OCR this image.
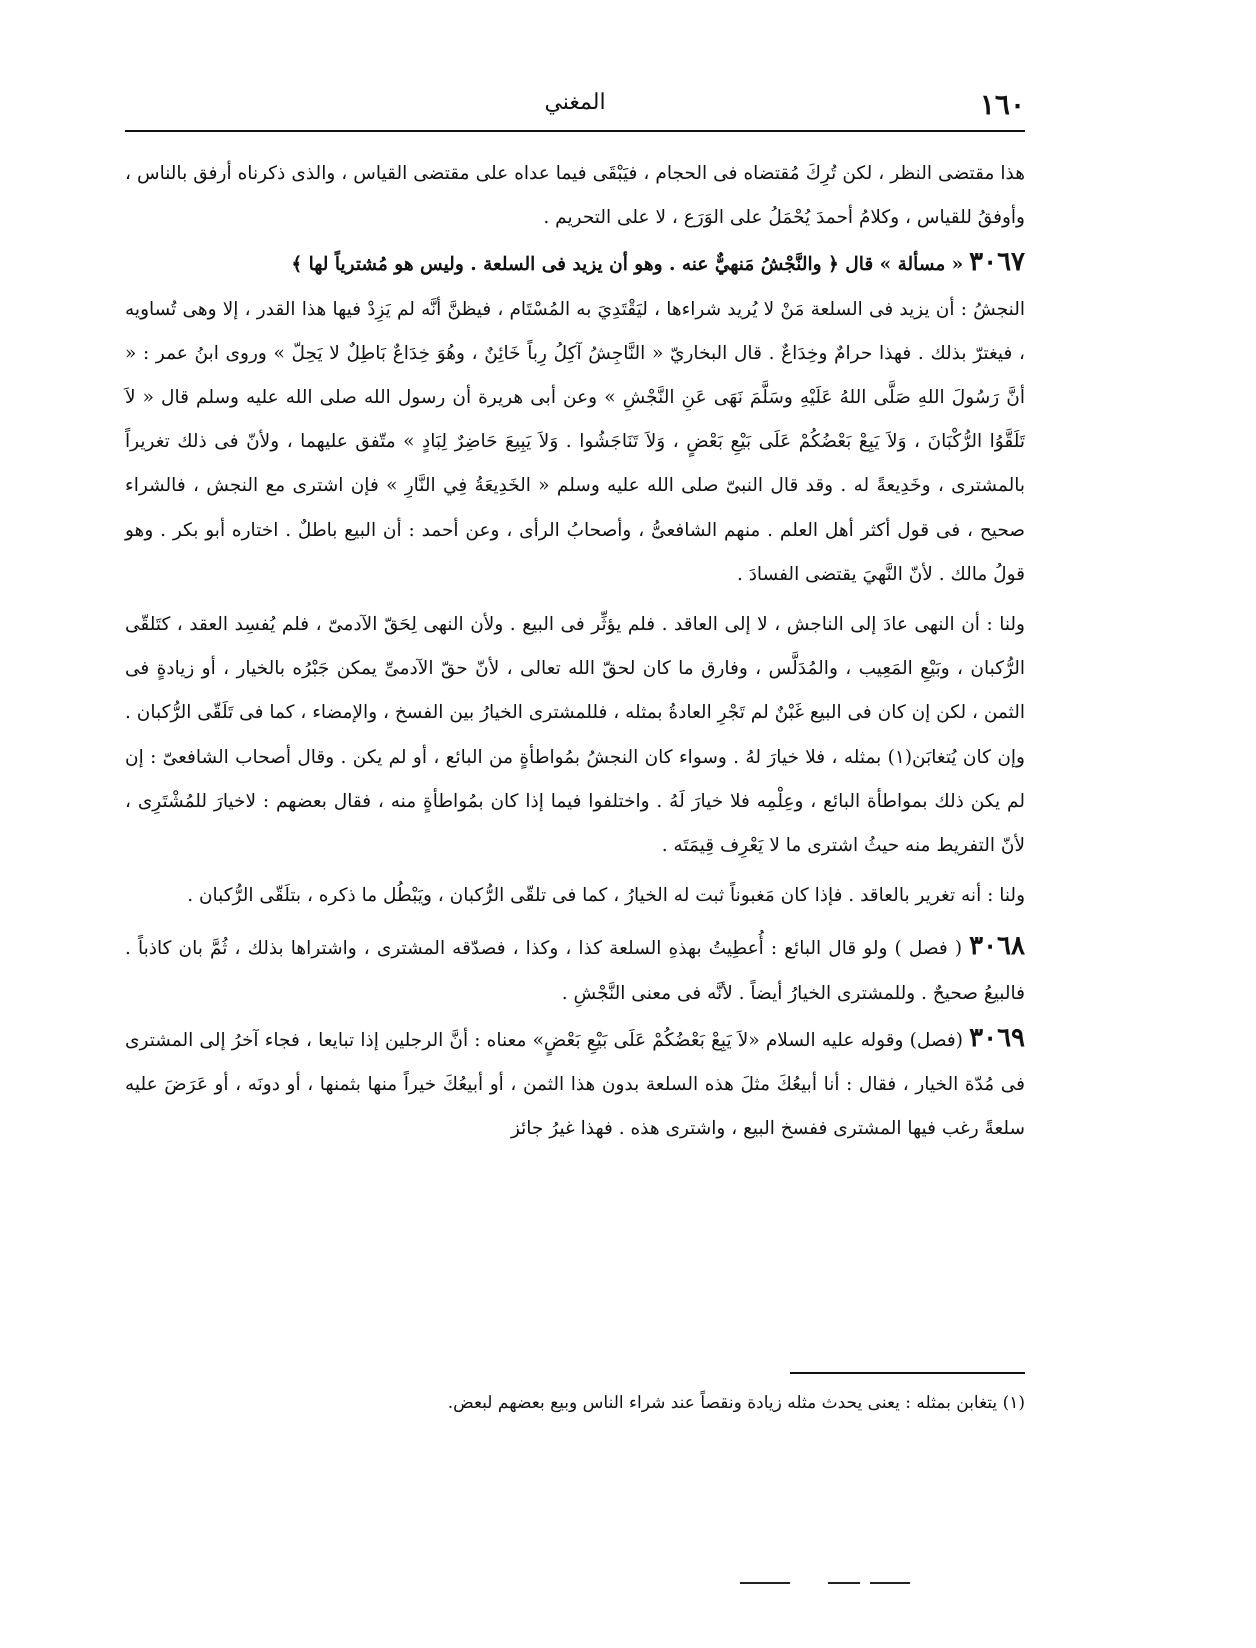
١٦٠
المغني

هذا مقتضى النظر ، لكن تُرِكَ مُقتضاه فى الحجام ، فيَبْقَى فيما عداه على مقتضى القياس ، والذى ذكرناه أرفق بالناس ، وأوفقُ للقياس ، وكلامُ أحمدَ يُحْمَلُ على الوَرَع ، لا على التحريم .

٣٠٦٧ « مسألة » قال ﴿ والنَّجْشُ مَنهيٌّ عنه . وهو أن يزيد فى السلعة . وليس هو مُشترياً لها ﴾

النجشُ : أن يزيد فى السلعة مَنْ لا يُريد شراءها ، ليَقْتَدِيَ به المُسْتَام ، فيظنَّ أنَّه لم يَزِدْ فيها هذا القدر ، إلا وهى تُساويه ، فيغترّ بذلك . فهذا حرامٌ وخِدَاعٌ . قال البخاريّ « النَّاجِشُ آكِلُ رِباً خَائِنٌ ، وهُوَ خِدَاعٌ بَاطِلٌ لا يَحِلّ » وروى ابنُ عمر : « أنَّ رَسُولَ اللهِ صَلَّى اللهُ عَلَيْهِ وسَلَّمَ نَهَى عَنِ النَّجْشِ » وعن أبى هريرة أن رسول الله صلى الله عليه وسلم قال « لاَ تَلَقَّوُا الرُّكْبَانَ ، وَلاَ يَبِعْ بَعْضُكُمْ عَلَى بَيْعِ بَعْضٍ ، وَلاَ تَنَاجَشُوا . وَلاَ يَبِيعَ حَاضِرٌ لِبَادٍ » متّفق عليهما ، ولأنّ فى ذلك تغريراً بالمشترى ، وخَدِيعةً له . وقد قال النبىّ صلى الله عليه وسلم « الخَدِيعَةُ فِي النَّارِ » فإن اشترى مع النجش ، فالشراء صحيح ، فى قول أكثر أهل العلم . منهم الشافعىُّ ، وأصحابُ الرأى ، وعن أحمد : أن البيع باطلٌ . اختاره أبو بكر . وهو قولُ مالك . لأنّ النَّهيَ يقتضى الفسادَ .

ولنا : أن النهى عادَ إلى الناجش ، لا إلى العاقد . فلم يؤثِّر فى البيع . ولأن النهى لِحَقّ الآدمىّ ، فلم يُفسِد العقد ، كتَلقّى الرُّكبان ، وبَيْعِ المَعِيب ، والمُدَلَّس ، وفارق ما كان لحقّ الله تعالى ، لأنّ حقّ الآدمىِّ يمكن جَبْرُه بالخيار ، أو زيادةٍ فى الثمن ، لكن إن كان فى البيع غَبْنٌ لم تَجْرِ العادةُ بمثله ، فللمشترى الخيارُ بين الفسخ ، والإمضاء ، كما فى تَلَقّى الرُّكبان . وإن كان يُتغابَن(١) بمثله ، فلا خيارَ لهُ . وسواء كان النجشُ بمُواطأةٍ من البائع ، أو لم يكن . وقال أصحاب الشافعىّ : إن لم يكن ذلك بمواطأة البائع ، وعِلْمِه فلا خيارَ لَهُ . واختلفوا فيما إذا كان بمُواطأةٍ منه ، فقال بعضهم : لاخيارَ للمُشْتَرِى ، لأنّ التفريط منه حيثُ اشترى ما لا يَعْرِف قِيمَتَه .

ولنا : أنه تغرير بالعاقد . فإذا كان مَغبوناً ثبت له الخيارُ ، كما فى تلقّى الرُّكبان ، ويَبْطُل ما ذكره ، بتلَقّى الرُّكبان .

٣٠٦٨ ( فصل ) ولو قال البائع : أُعطِيتُ بهذهِ السلعة كذا ، وكذا ، فصدّقه المشترى ، واشتراها بذلك ، ثُمَّ بان كاذباً . فالبيعُ صحيحٌ . وللمشترى الخيارُ أيضاً . لأنَّه فى معنى النَّجْشِ .

٣٠٦٩ (فصل) وقوله عليه السلام «لاَ يَبِعْ بَعْضُكُمْ عَلَى بَيْعِ بَعْضٍ» معناه : أنَّ الرجلين إذا تبايعا ، فجاء آخرُ إلى المشترى فى مُدّة الخيار ، فقال : أنا أبيعُكَ مثلَ هذه السلعة بدون هذا الثمن ، أو أبيعُكَ خيراً منها بثمنها ، أو دونَه ، أو عَرَضَ عليه سلعةً رغب فيها المشترى ففسخ البيع ، واشترى هذه . فهذا غيرُ جائز

(١) يتغابن بمثله : يعنى يحدث مثله زيادة ونقصاً عند شراء الناس وبيع بعضهم لبعض.
